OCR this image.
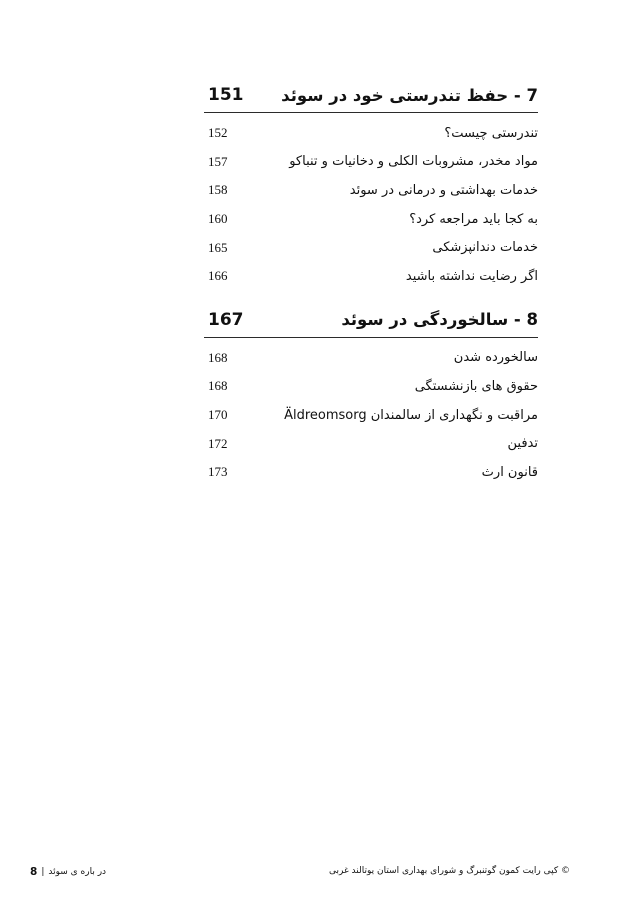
7 - حفظ تندرستی خود در سوئد
151
تندرستی چیست؟
152
مواد مخدر، مشروبات الکلی و دخانیات و تنباکو
157
خدمات بهداشتی و درمانی در سوئد
158
به کجا باید مراجعه کرد؟
160
خدمات دندانپزشکی
165
اگر رضایت نداشته باشید
166
8 - سالخوردگی در سوئد
167
سالخورده شدن
168
حقوق های بازنشستگی
168
مراقبت و نگهداری از سالمندان Äldreomsorg
170
تدفین
172
قانون ارث
173
© کپی رایت کمون گوتنبرگ و شورای بهداری استان یوتالند غربی
8 | در باره ی سوئد
